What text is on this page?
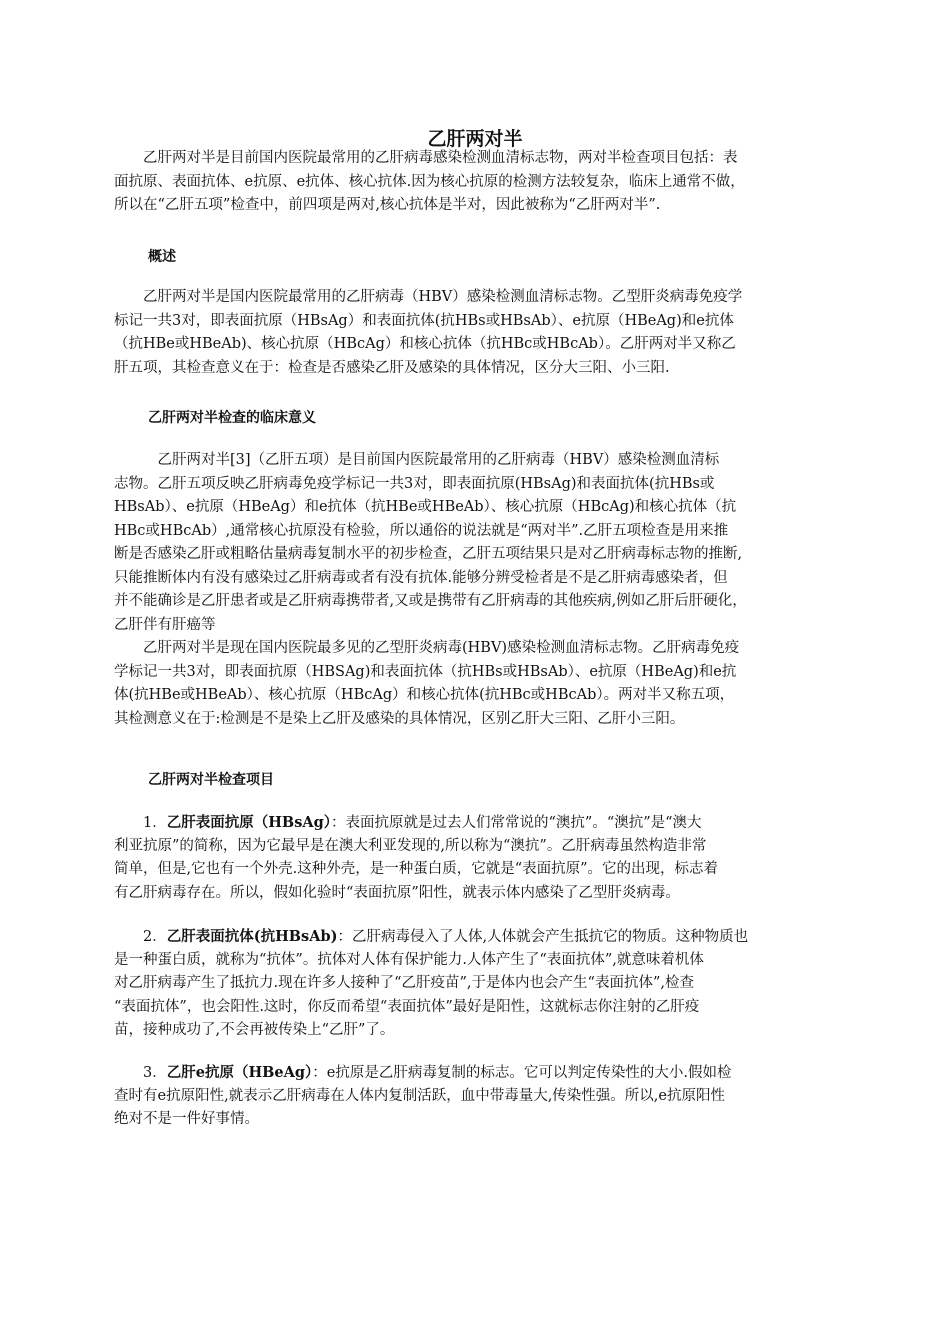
乙肝两对半
　　乙肝两对半是目前国内医院最常用的乙肝病毒感染检测血清标志物，两对半检查项目包括：表
面抗原、表面抗体、e抗原、e抗体、核心抗体.因为核心抗原的检测方法较复杂，临床上通常不做，
所以在“乙肝五项”检查中，前四项是两对,核心抗体是半对，因此被称为“乙肝两对半”.
概述
　　乙肝两对半是国内医院最常用的乙肝病毒（HBV）感染检测血清标志物。乙型肝炎病毒免疫学
标记一共3对，即表面抗原（HBsAg）和表面抗体(抗HBs或HBsAb）、e抗原（HBeAg)和e抗体
（抗HBe或HBeAb)、核心抗原（HBcAg）和核心抗体（抗HBc或HBcAb）。乙肝两对半又称乙
肝五项，其检查意义在于：检查是否感染乙肝及感染的具体情况，区分大三阳、小三阳.
乙肝两对半检查的临床意义
　　　乙肝两对半[3]（乙肝五项）是目前国内医院最常用的乙肝病毒（HBV）感染检测血清标
志物。乙肝五项反映乙肝病毒免疫学标记一共3对，即表面抗原(HBsAg)和表面抗体(抗HBs或
HBsAb）、e抗原（HBeAg）和e抗体（抗HBe或HBeAb）、核心抗原（HBcAg)和核心抗体（抗
HBc或HBcAb）,通常核心抗原没有检验，所以通俗的说法就是“两对半”.乙肝五项检查是用来推
断是否感染乙肝或粗略估量病毒复制水平的初步检查，乙肝五项结果只是对乙肝病毒标志物的推断,
只能推断体内有没有感染过乙肝病毒或者有没有抗体.能够分辨受检者是不是乙肝病毒感染者，但
并不能确诊是乙肝患者或是乙肝病毒携带者,又或是携带有乙肝病毒的其他疾病,例如乙肝后肝硬化，
乙肝伴有肝癌等
　　乙肝两对半是现在国内医院最多见的乙型肝炎病毒(HBV)感染检测血清标志物。乙肝病毒免疫
学标记一共3对，即表面抗原（HBSAg)和表面抗体（抗HBs或HBsAb）、e抗原（HBeAg)和e抗
体(抗HBe或HBeAb）、核心抗原（HBcAg）和核心抗体(抗HBc或HBcAb）。两对半又称五项，
其检测意义在于:检测是不是染上乙肝及感染的具体情况，区别乙肝大三阳、乙肝小三阳。
乙肝两对半检查项目
　　1．乙肝表面抗原（HBsAg）：表面抗原就是过去人们常常说的“澳抗”。“澳抗”是“澳大
利亚抗原”的简称，因为它最早是在澳大利亚发现的,所以称为“澳抗”。乙肝病毒虽然构造非常
简单，但是,它也有一个外壳.这种外壳，是一种蛋白质，它就是“表面抗原”。它的出现，标志着
有乙肝病毒存在。所以，假如化验时“表面抗原”阳性，就表示体内感染了乙型肝炎病毒。
　　2．乙肝表面抗体(抗HBsAb)：乙肝病毒侵入了人体,人体就会产生抵抗它的物质。这种物质也
是一种蛋白质，就称为“抗体”。抗体对人体有保护能力.人体产生了“表面抗体”,就意味着机体
对乙肝病毒产生了抵抗力.现在许多人接种了“乙肝疫苗”,于是体内也会产生“表面抗体”,检查
“表面抗体”，也会阳性.这时，你反而希望“表面抗体”最好是阳性，这就标志你注射的乙肝疫
苗，接种成功了,不会再被传染上“乙肝”了。
　　3．乙肝e抗原（HBeAg）：e抗原是乙肝病毒复制的标志。它可以判定传染性的大小.假如检
查时有e抗原阳性,就表示乙肝病毒在人体内复制活跃，血中带毒量大,传染性强。所以,e抗原阳性
绝对不是一件好事情。
